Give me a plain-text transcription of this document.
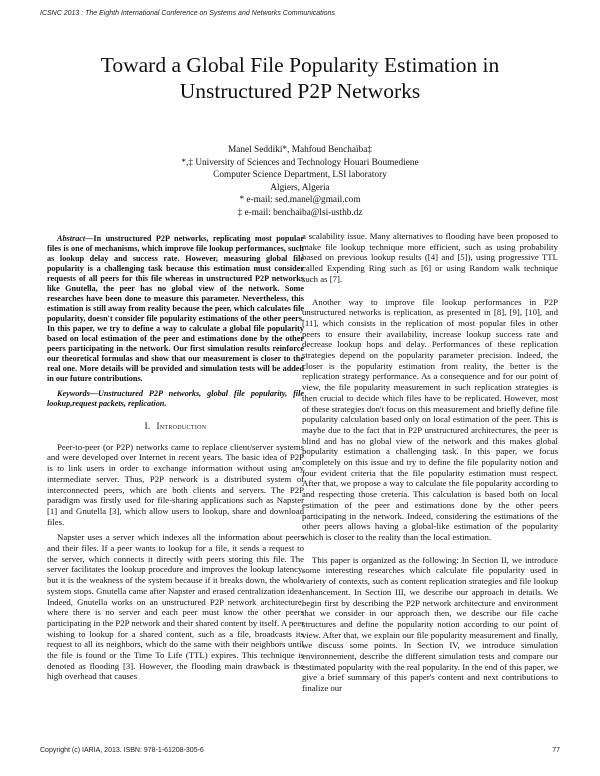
ICSNC 2013 : The Eighth International Conference on Systems and Networks Communications
Toward a Global File Popularity Estimation in
Unstructured P2P Networks
Manel Seddiki*, Mahfoud Benchaïba‡
*,‡ University of Sciences and Technology Houari Boumediene
Computer Science Department, LSI laboratory
Algiers, Algeria
* e-mail: sed.manel@gmail.com
‡ e-mail: benchaiba@lsi-usthb.dz

Abstract—In unstructured P2P networks, replicating most popular files is one of mechanisms, which improve file lookup performances, such as lookup delay and success rate. However, measuring global file popularity is a challenging task because this estimation must consider requests of all peers for this file whereas in unstructured P2P networks like Gnutella, the peer has no global view of the network. Some researches have been done to measure this parameter. Nevertheless, this estimation is still away from reality because the peer, which calculates file popularity, doesn't consider file popularity estimations of the other peers. In this paper, we try to define a way to calculate a global file popularity based on local estimation of the peer and estimations done by the other peers participating in the network. Our first simulation results reinforce our theoretical formulas and show that our measurement is closer to the real one. More details will be provided and simulation tests will be added in our future contributions.

Keywords—Unstructured P2P networks, global file popularity, file lookup,request packets, replication.

I. Introduction

Peer-to-peer (or P2P) networks came to replace client/server systems and were developed over Internet in recent years. The basic idea of P2P is to link users in order to exchange information without using any intermediate server. Thus, P2P network is a distributed system of interconnected peers, which are both clients and servers. The P2P paradigm was firstly used for file-sharing applications such as Napster [1] and Gnutella [3], which allow users to lookup, share and download files.

Napster uses a server which indexes all the information about peers and their files. If a peer wants to lookup for a file, it sends a request to the server, which connects it directly with peers storing this file. The server facilitates the lookup procedure and improves the lookup latency, but it is the weakness of the system because if it breaks down, the whole system stops. Gnutella came after Napster and erased centralization idea. Indeed, Gnutella works on an unstructured P2P network architecture, where there is no server and each peer must know the other peers participating in the P2P network and their shared content by itself. A peer wishing to lookup for a shared content, such as a file, broadcasts its request to all its neighbors, which do the same with their neighbors until the file is found or the Time To Life (TTL) expires. This technique is denoted as flooding [3]. However, the flooding main drawback is the high overhead that causes

a scalability issue. Many alternatives to flooding have been proposed to make file lookup technique more efficient, such as using probability based on previous lookup results ([4] and [5]), using progressive TTL called Expending Ring such as [6] or using Random walk technique such as [7].

Another way to improve file lookup performances in P2P unstructured networks is replication, as presented in [8], [9], [10], and [11], which consists in the replication of most popular files in other peers to ensure their availability, increase lookup success rate and decrease lookup hops and delay. Performances of these replication strategies depend on the popularity parameter precision. Indeed, the closer is the popularity estimation from reality, the better is the replication strategy performance. As a consequence and for our point of view, the file popularity measurement in such replication strategies is then crucial to decide which files have to be replicated. However, most of these strategies don't focus on this measurement and briefly define file popularity calculation based only on local estimation of the peer. This is maybe due to the fact that in P2P unstructured architectures, the peer is blind and has no global view of the network and this makes global popularity estimation a challenging task. In this paper, we focus completely on this issue and try to define the file popularity notion and four evident criteria that the file popularity estimation must respect. After that, we propose a way to calculate the file popularity according to and respecting those creteria. This calculation is based both on local estimation of the peer and estimations done by the other peers participating in the network. Indeed, considering the estimations of the other peers allows having a global-like estimation of the popularity which is closer to the reality than the local estimation.

This paper is organized as the following: In Section II, we introduce some interesting researches which calculate file popularity used in variety of contexts, such as content replication strategies and file lookup enhancement. In Section III, we describe our approach in details. We begin first by describing the P2P network architecture and environment that we consider in our approach then, we describe our file cache structures and define the popularity notion according to our point of view. After that, we explain our file popularity measurement and finally, we discuss some points. In Section IV, we introduce simulation environnement, describe the different simulation tests and compare our estimated popularity with the real popularity. In the end of this paper, we give a brief summary of this paper's content and next contributions to finalize our

Copyright (c) IARIA, 2013. ISBN: 978-1-61208-305-6	77
